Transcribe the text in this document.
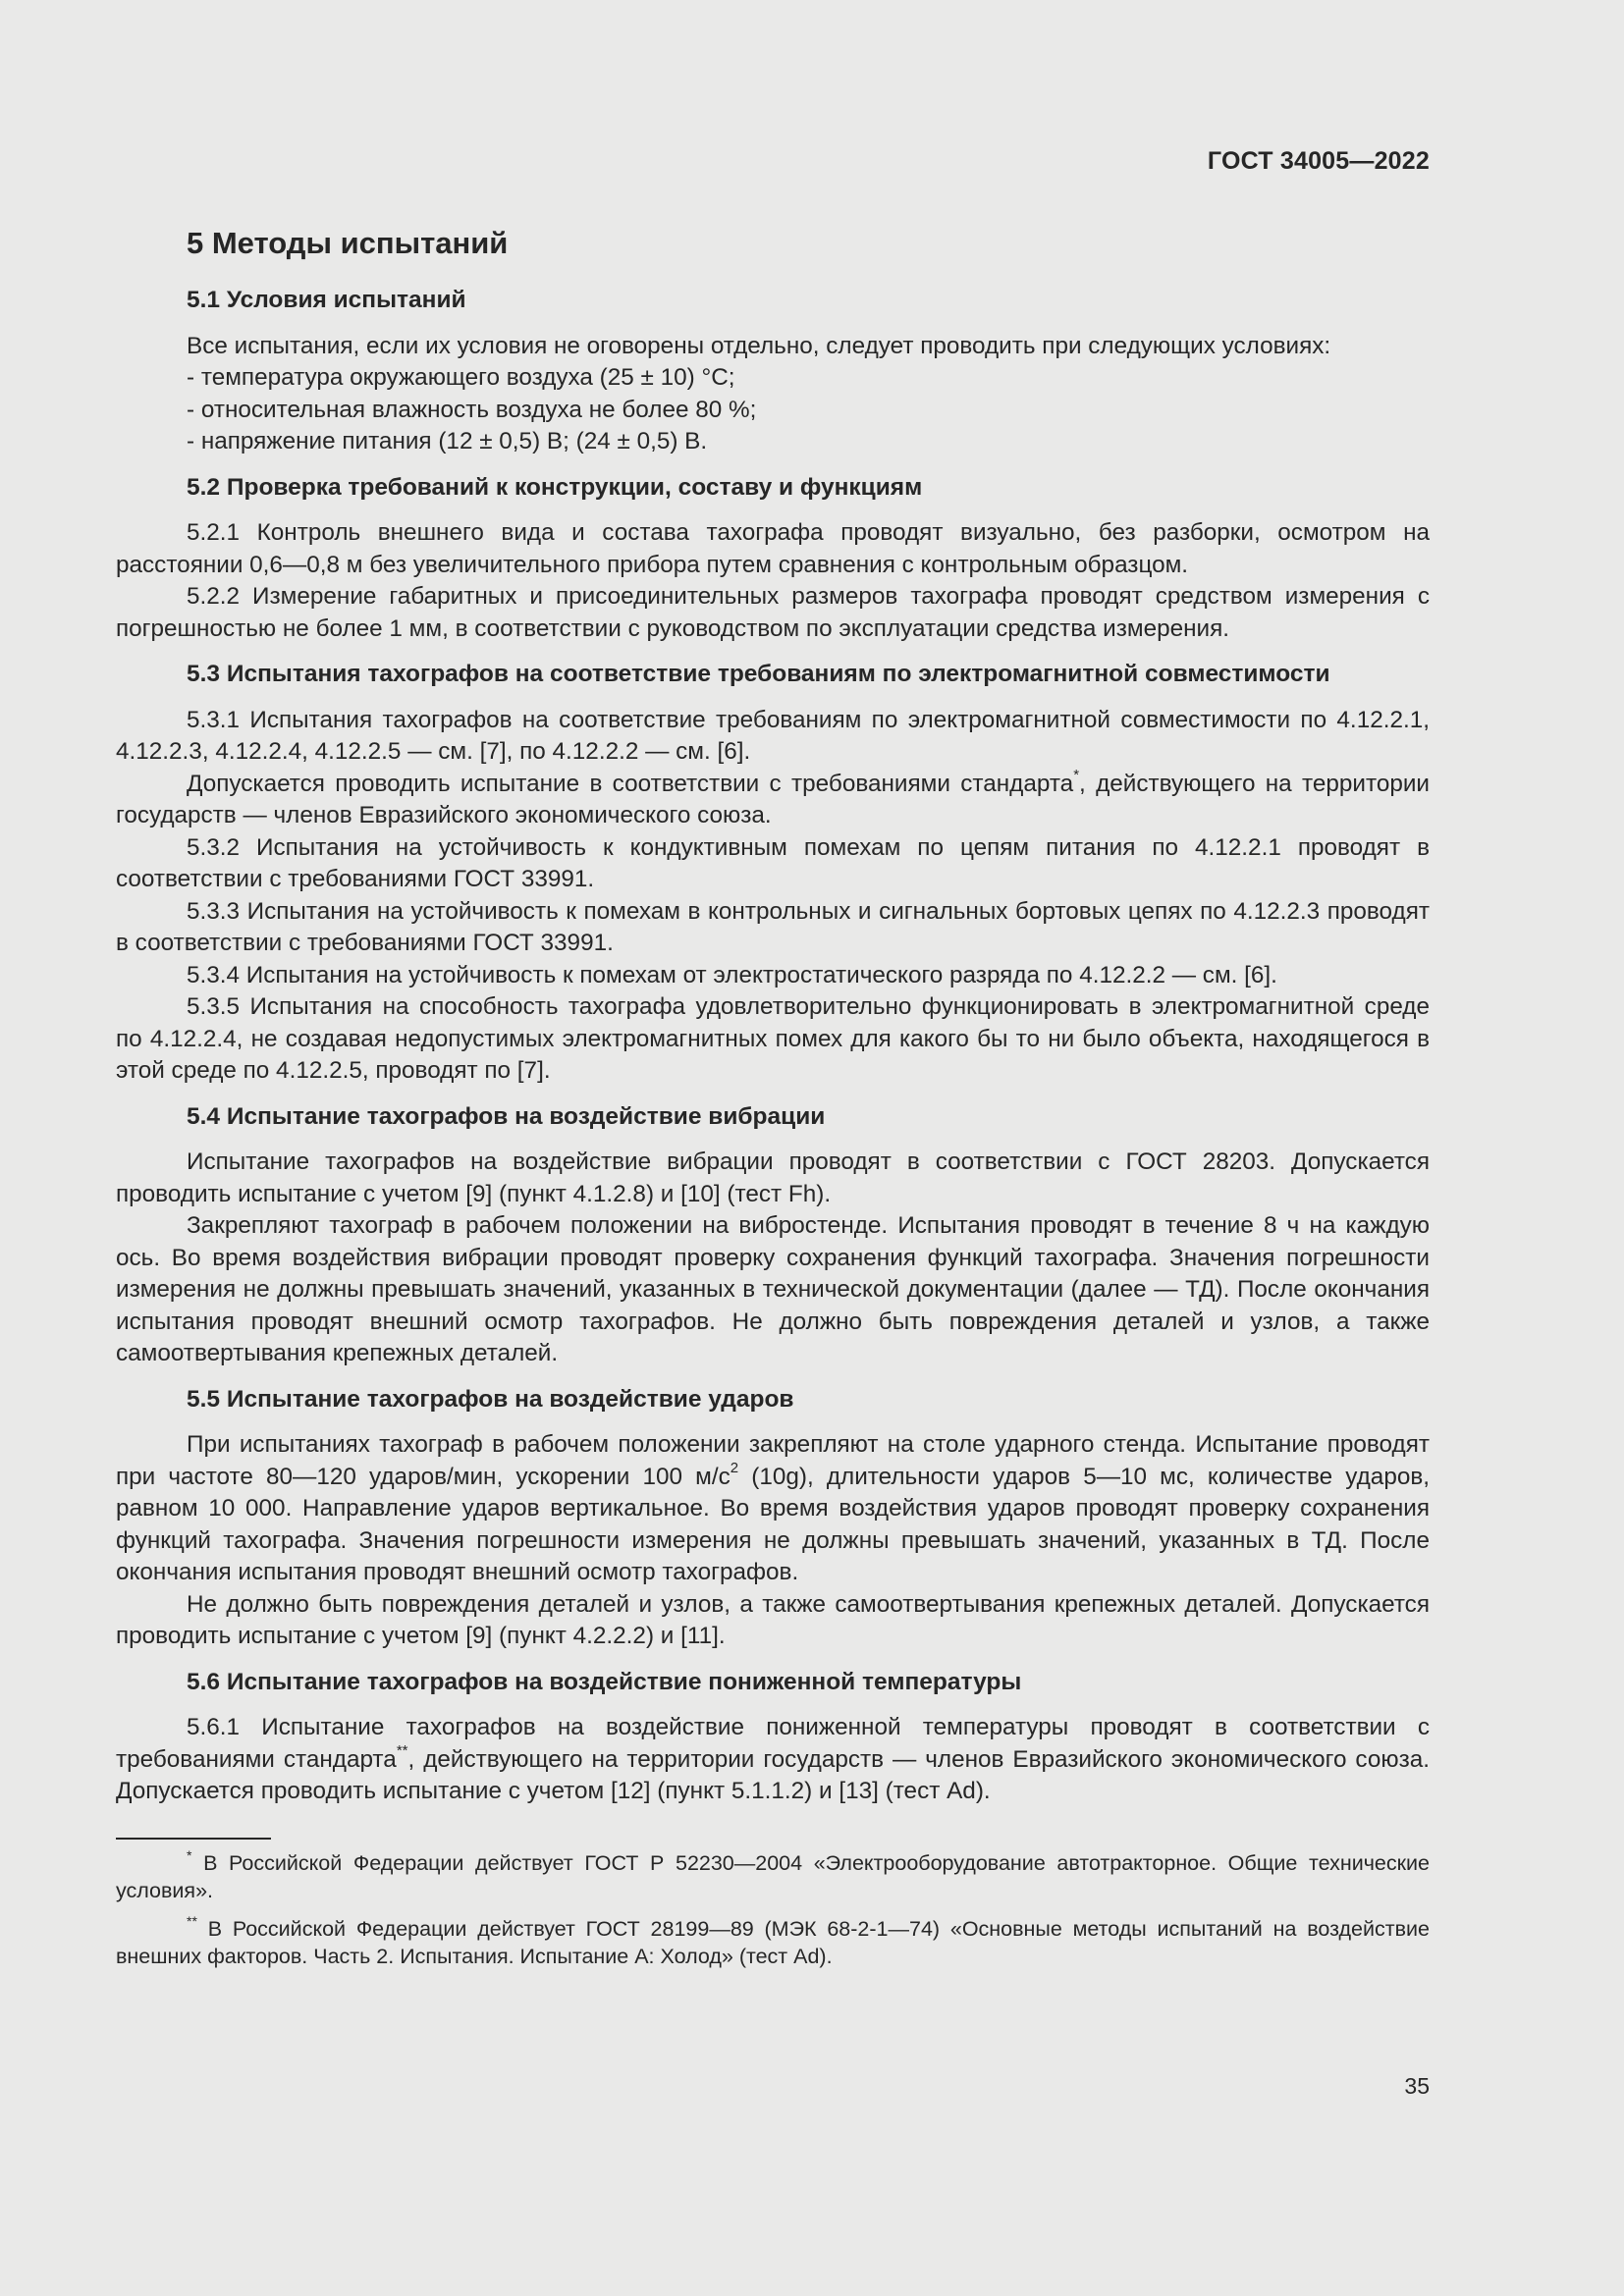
ГОСТ 34005—2022
5 Методы испытаний
5.1 Условия испытаний

Все испытания, если их условия не оговорены отдельно, следует проводить при следующих условиях:

- температура окружающего воздуха (25 ± 10) °С;

- относительная влажность воздуха не более 80 %;

- напряжение питания (12 ± 0,5) В; (24 ± 0,5) В.

5.2 Проверка требований к конструкции, составу и функциям

5.2.1 Контроль внешнего вида и состава тахографа проводят визуально, без разборки, осмотром на расстоянии 0,6—0,8 м без увеличительного прибора путем сравнения с контрольным образцом.

5.2.2 Измерение габаритных и присоединительных размеров тахографа проводят средством измерения с погрешностью не более 1 мм, в соответствии с руководством по эксплуатации средства измерения.

5.3 Испытания тахографов на соответствие требованиям по электромагнитной совместимости

5.3.1 Испытания тахографов на соответствие требованиям по электромагнитной совместимости по 4.12.2.1, 4.12.2.3, 4.12.2.4, 4.12.2.5 — см. [7], по 4.12.2.2 — см. [6].

Допускается проводить испытание в соответствии с требованиями стандарта*, действующего на территории государств — членов Евразийского экономического союза.

5.3.2 Испытания на устойчивость к кондуктивным помехам по цепям питания по 4.12.2.1 проводят в соответствии с требованиями ГОСТ 33991.

5.3.3 Испытания на устойчивость к помехам в контрольных и сигнальных бортовых цепях по 4.12.2.3 проводят в соответствии с требованиями ГОСТ 33991.

5.3.4 Испытания на устойчивость к помехам от электростатического разряда по 4.12.2.2 — см. [6].

5.3.5 Испытания на способность тахографа удовлетворительно функционировать в электромагнитной среде по 4.12.2.4, не создавая недопустимых электромагнитных помех для какого бы то ни было объекта, находящегося в этой среде по 4.12.2.5, проводят по [7].

5.4 Испытание тахографов на воздействие вибрации

Испытание тахографов на воздействие вибрации проводят в соответствии с ГОСТ 28203. Допускается проводить испытание с учетом [9] (пункт 4.1.2.8) и [10] (тест Fh).

Закрепляют тахограф в рабочем положении на вибростенде. Испытания проводят в течение 8 ч на каждую ось. Во время воздействия вибрации проводят проверку сохранения функций тахографа. Значения погрешности измерения не должны превышать значений, указанных в технической документации (далее — ТД). После окончания испытания проводят внешний осмотр тахографов. Не должно быть повреждения деталей и узлов, а также самоотвертывания крепежных деталей.

5.5 Испытание тахографов на воздействие ударов

При испытаниях тахограф в рабочем положении закрепляют на столе ударного стенда. Испытание проводят при частоте 80—120 ударов/мин, ускорении 100 $м/с^2$ (10g), длительности ударов 5—10 мс, количестве ударов, равном 10 000. Направление ударов вертикальное. Во время воздействия ударов проводят проверку сохранения функций тахографа. Значения погрешности измерения не должны превышать значений, указанных в ТД. После окончания испытания проводят внешний осмотр тахографов.

Не должно быть повреждения деталей и узлов, а также самоотвертывания крепежных деталей. Допускается проводить испытание с учетом [9] (пункт 4.2.2.2) и [11].

5.6 Испытание тахографов на воздействие пониженной температуры

5.6.1 Испытание тахографов на воздействие пониженной температуры проводят в соответствии с требованиями стандарта**, действующего на территории государств — членов Евразийского экономического союза. Допускается проводить испытание с учетом [12] (пункт 5.1.1.2) и [13] (тест Ad).

* В Российской Федерации действует ГОСТ Р 52230—2004 «Электрооборудование автотракторное. Общие технические условия».

** В Российской Федерации действует ГОСТ 28199—89 (МЭК 68-2-1—74) «Основные методы испытаний на воздействие внешних факторов. Часть 2. Испытания. Испытание А: Холод» (тест Ad).

35
